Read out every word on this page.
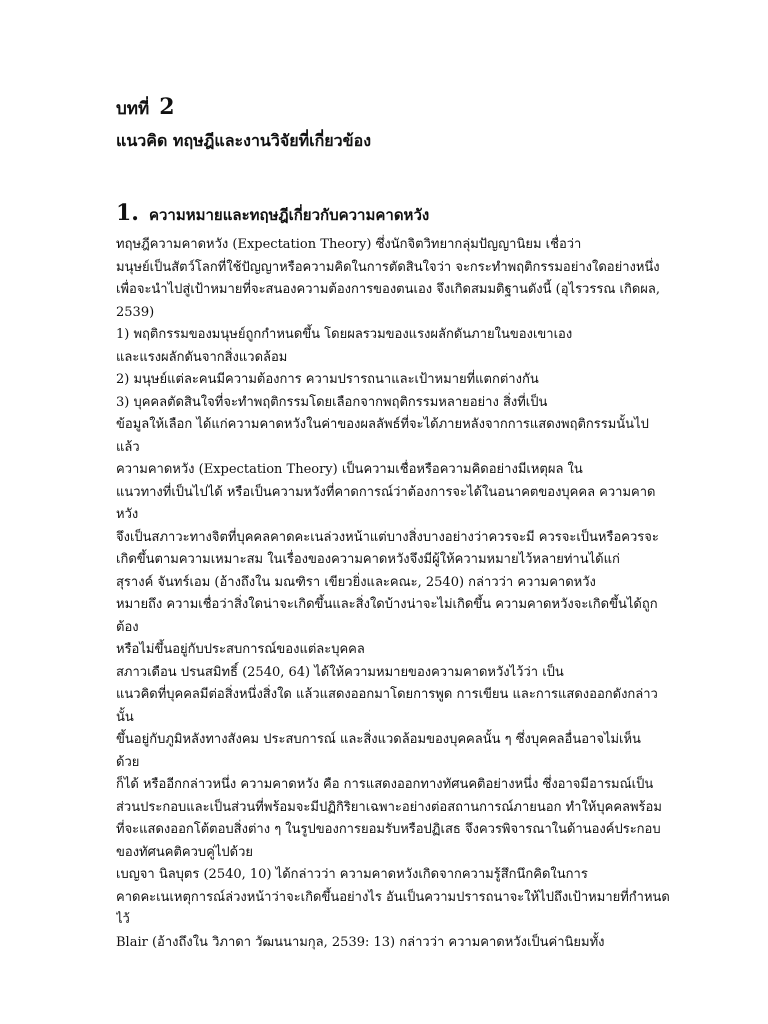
บทที่ 2
แนวคิด ทฤษฎีและงานวิจัยที่เกี่ยวข้อง
1. ความหมายและทฤษฎีเกี่ยวกับความคาดหวัง
ทฤษฎีความคาดหวัง (Expectation Theory) ซึ่งนักจิตวิทยากลุ่มปัญญานิยม เชื่อว่า
มนุษย์เป็นสัตว์โลกที่ใช้ปัญญาหรือความคิดในการตัดสินใจว่า จะกระทำพฤติกรรมอย่างใดอย่างหนึ่ง
เพื่อจะนำไปสู่เป้าหมายที่จะสนองความต้องการของตนเอง จึงเกิดสมมติฐานดังนี้ (อุไรวรรณ เกิดผล,
2539)
1) พฤติกรรมของมนุษย์ถูกกำหนดขึ้น โดยผลรวมของแรงผลักดันภายในของเขาเอง
และแรงผลักดันจากสิ่งแวดล้อม
2) มนุษย์แต่ละคนมีความต้องการ ความปรารถนาและเป้าหมายที่แตกต่างกัน
3) บุคคลตัดสินใจที่จะทำพฤติกรรมโดยเลือกจากพฤติกรรมหลายอย่าง สิ่งที่เป็น
ข้อมูลให้เลือก ได้แก่ความคาดหวังในค่าของผลลัพธ์ที่จะได้ภายหลังจากการแสดงพฤติกรรมนั้นไป
แล้ว
ความคาดหวัง (Expectation Theory) เป็นความเชื่อหรือความคิดอย่างมีเหตุผล ใน
แนวทางที่เป็นไปได้ หรือเป็นความหวังที่คาดการณ์ว่าต้องการจะได้ในอนาคตของบุคคล ความคาด
หวัง
จึงเป็นสภาวะทางจิตที่บุคคลคาดคะเนล่วงหน้าแต่บางสิ่งบางอย่างว่าควรจะมี ควรจะเป็นหรือควรจะ
เกิดขึ้นตามความเหมาะสม ในเรื่องของความคาดหวังจึงมีผู้ให้ความหมายไว้หลายท่านได้แก่
สุรางค์ จันทร์เอม (อ้างถึงใน มณฑิรา เขียวยิ่งและคณะ, 2540) กล่าวว่า ความคาดหวัง
หมายถึง ความเชื่อว่าสิ่งใดน่าจะเกิดขึ้นและสิ่งใดบ้างน่าจะไม่เกิดขึ้น ความคาดหวังจะเกิดขึ้นได้ถูก
ต้อง
หรือไม่ขึ้นอยู่กับประสบการณ์ของแต่ละบุคคล
สภาวเดือน ปรนสมิทธิ์ (2540, 64) ได้ให้ความหมายของความคาดหวังไว้ว่า เป็น
แนวคิดที่บุคคลมีต่อสิ่งหนึ่งสิ่งใด แล้วแสดงออกมาโดยการพูด การเขียน และการแสดงออกดังกล่าว
นั้น
ขึ้นอยู่กับภูมิหลังทางสังคม ประสบการณ์ และสิ่งแวดล้อมของบุคคลนั้น ๆ ซึ่งบุคคลอื่นอาจไม่เห็น
ด้วย
ก็ได้ หรืออีกกล่าวหนึ่ง ความคาดหวัง คือ การแสดงออกทางทัศนคติอย่างหนึ่ง ซึ่งอาจมีอารมณ์เป็น
ส่วนประกอบและเป็นส่วนที่พร้อมจะมีปฏิกิริยาเฉพาะอย่างต่อสถานการณ์ภายนอก ทำให้บุคคลพร้อม
ที่จะแสดงออกโต้ตอบสิ่งต่าง ๆ ในรูปของการยอมรับหรือปฏิเสธ จึงควรพิจารณาในด้านองค์ประกอบ
ของทัศนคติควบคู่ไปด้วย
เบญจา นิลบุตร (2540, 10) ได้กล่าวว่า ความคาดหวังเกิดจากความรู้สึกนึกคิดในการ
คาดคะเนเหตุการณ์ล่วงหน้าว่าจะเกิดขึ้นอย่างไร อันเป็นความปรารถนาจะให้ไปถึงเป้าหมายที่กำหนด
ไว้
Blair (อ้างถึงใน วิภาดา วัฒนนามกุล, 2539: 13) กล่าวว่า ความคาดหวังเป็นค่านิยมทั้ง
